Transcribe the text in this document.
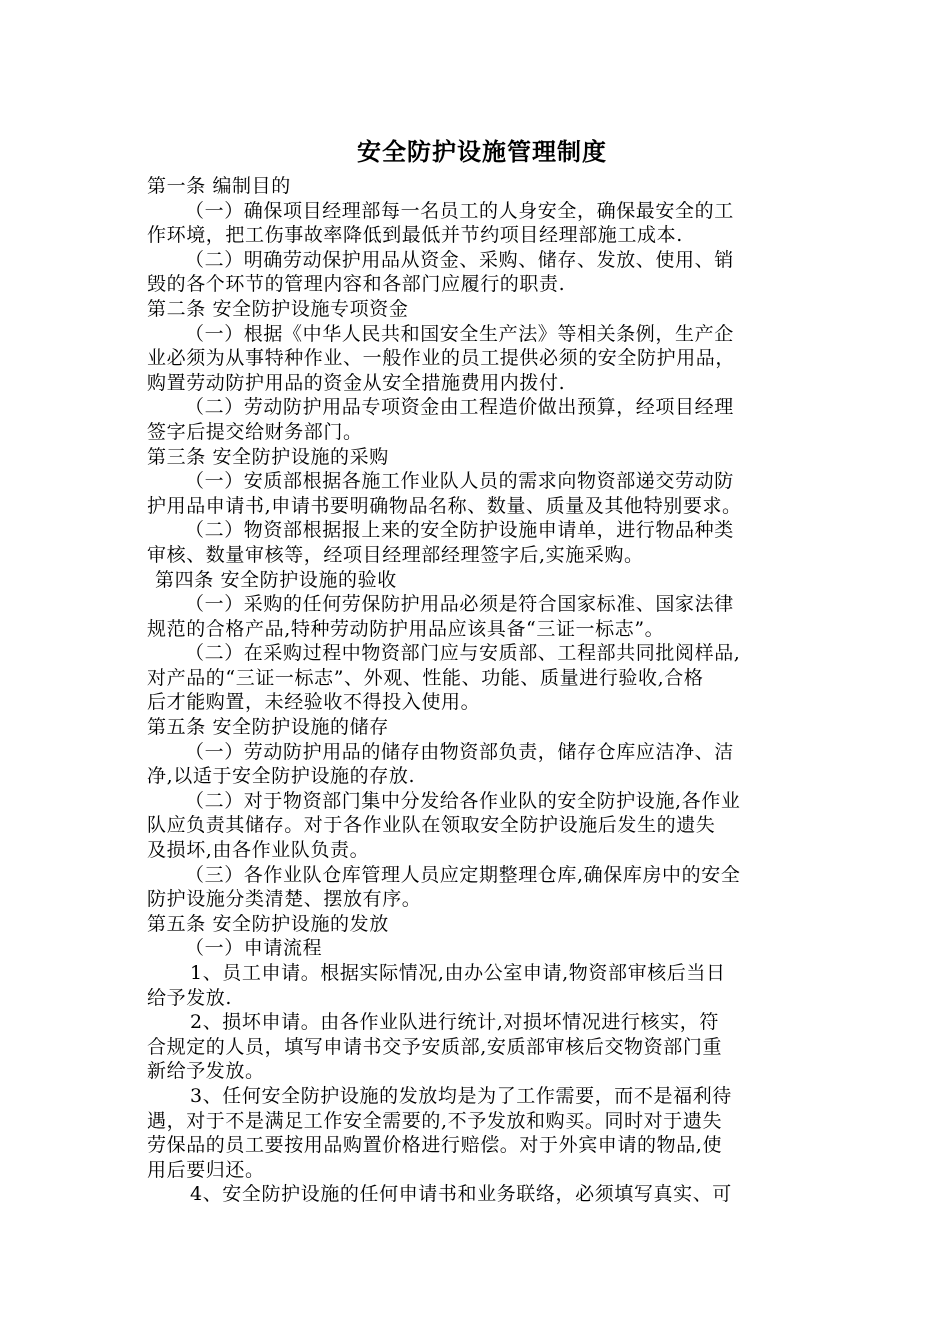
安全防护设施管理制度

第一条 编制目的

（一）确保项目经理部每一名员工的人身安全，确保最安全的工

作环境，把工伤事故率降低到最低并节约项目经理部施工成本.

（二）明确劳动保护用品从资金、采购、储存、发放、使用、销

毁的各个环节的管理内容和各部门应履行的职责.

第二条 安全防护设施专项资金

（一）根据《中华人民共和国安全生产法》等相关条例，生产企

业必须为从事特种作业、一般作业的员工提供必须的安全防护用品，

购置劳动防护用品的资金从安全措施费用内拨付.

（二）劳动防护用品专项资金由工程造价做出预算，经项目经理

签字后提交给财务部门。

第三条 安全防护设施的采购

（一）安质部根据各施工作业队人员的需求向物资部递交劳动防

护用品申请书,申请书要明确物品名称、数量、质量及其他特别要求。

（二）物资部根据报上来的安全防护设施申请单，进行物品种类

审核、数量审核等，经项目经理部经理签字后,实施采购。

第四条 安全防护设施的验收

（一）采购的任何劳保防护用品必须是符合国家标准、国家法律

规范的合格产品,特种劳动防护用品应该具备“三证一标志”。

（二）在采购过程中物资部门应与安质部、工程部共同批阅样品,

对产品的“三证一标志”、外观、性能、功能、质量进行验收,合格

后才能购置，未经验收不得投入使用。

第五条 安全防护设施的储存

（一）劳动防护用品的储存由物资部负责，储存仓库应洁净、洁

净,以适于安全防护设施的存放.

（二）对于物资部门集中分发给各作业队的安全防护设施,各作业

队应负责其储存。对于各作业队在领取安全防护设施后发生的遗失

及损坏,由各作业队负责。

（三）各作业队仓库管理人员应定期整理仓库,确保库房中的安全

防护设施分类清楚、摆放有序。

第五条 安全防护设施的发放

（一）申请流程

1、员工申请。根据实际情况,由办公室申请,物资部审核后当日

给予发放.

2、损坏申请。由各作业队进行统计,对损坏情况进行核实，符

合规定的人员，填写申请书交予安质部,安质部审核后交物资部门重

新给予发放。

3、任何安全防护设施的发放均是为了工作需要，而不是福利待

遇，对于不是满足工作安全需要的,不予发放和购买。同时对于遗失

劳保品的员工要按用品购置价格进行赔偿。对于外宾申请的物品,使

用后要归还。

4、安全防护设施的任何申请书和业务联络，必须填写真实、可
